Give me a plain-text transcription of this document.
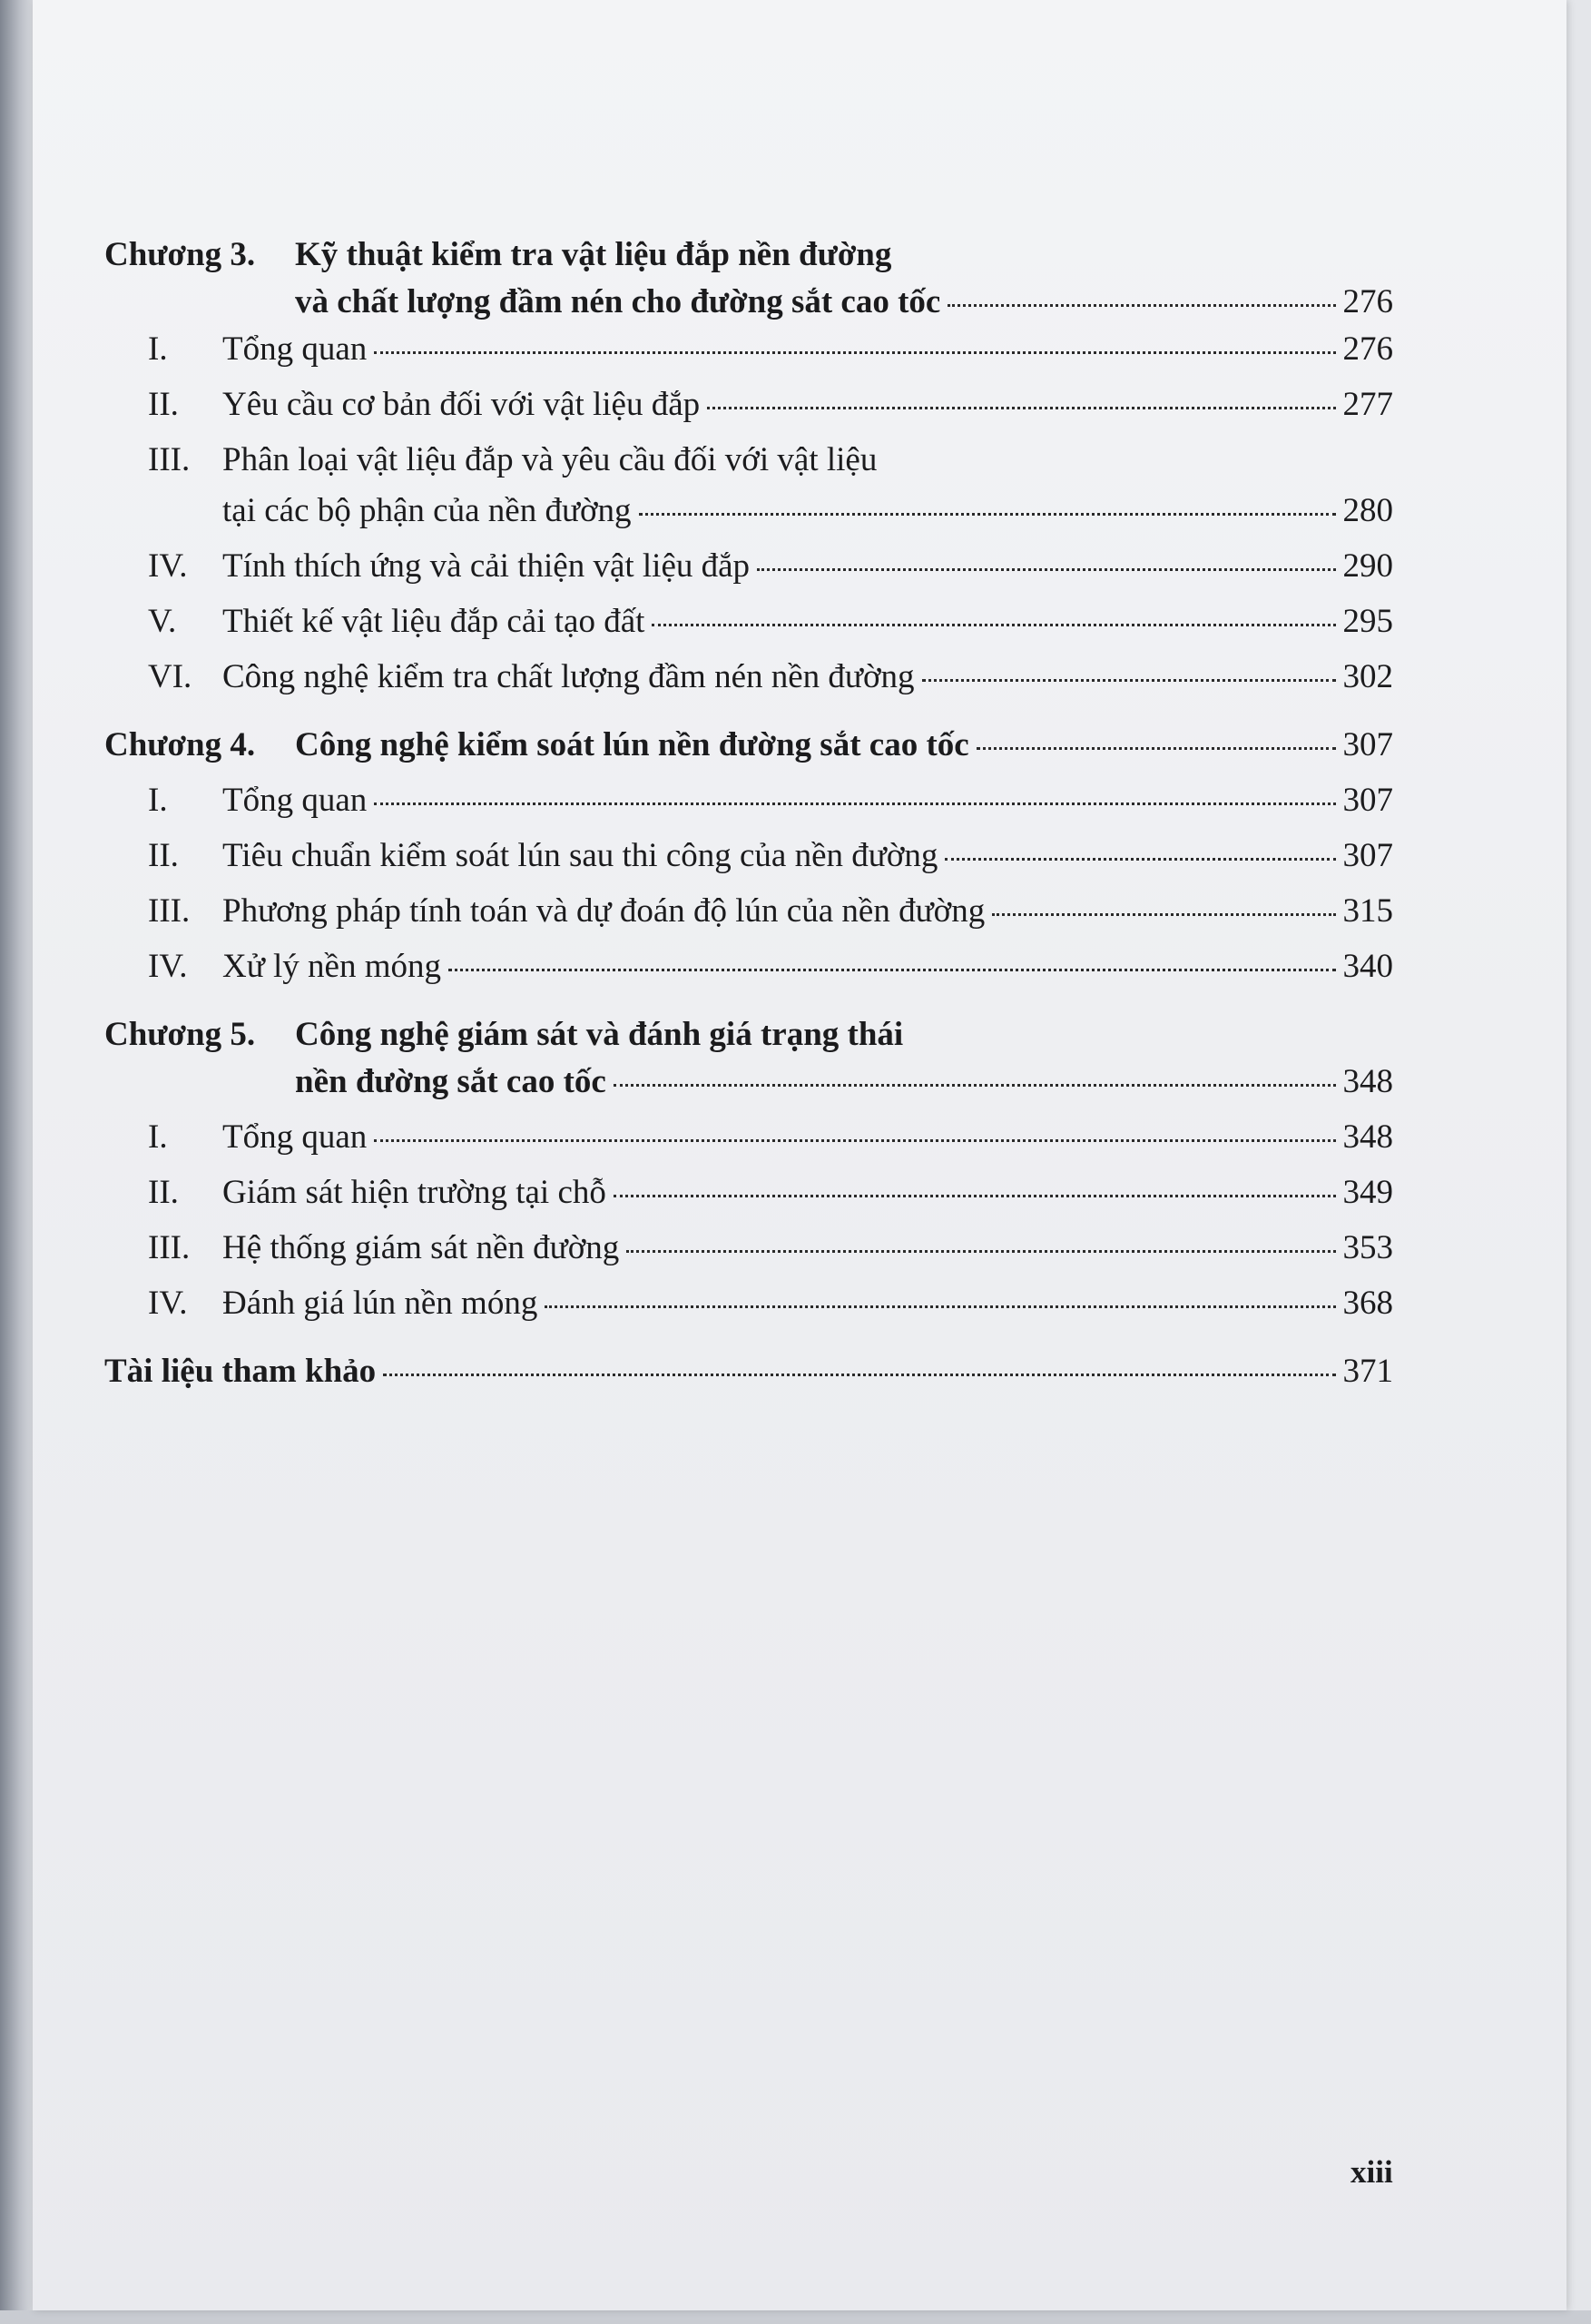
Chương 3.	Kỹ thuật kiểm tra vật liệu đắp nền đường
và chất lượng đầm nén cho đường sắt cao tốc	276
I.	Tổng quan	276
II.	Yêu cầu cơ bản đối với vật liệu đắp	277
III. Phân loại vật liệu đắp và yêu cầu đối với vật liệu
tại các bộ phận của nền đường	280
IV.	Tính thích ứng và cải thiện vật liệu đắp	290
V.	Thiết kế vật liệu đắp cải tạo đất	295
VI. Công nghệ kiểm tra chất lượng đầm nén nền đường	302
Chương 4.	Công nghệ kiểm soát lún nền đường sắt cao tốc	307
I.	Tổng quan	307
II.	Tiêu chuẩn kiểm soát lún sau thi công của nền đường	307
III. Phương pháp tính toán và dự đoán độ lún của nền đường	315
IV.	Xử lý nền móng	340
Chương 5.	Công nghệ giám sát và đánh giá trạng thái
nền đường sắt cao tốc	348
I.	Tổng quan	348
II.	Giám sát hiện trường tại chỗ	349
III. Hệ thống giám sát nền đường	353
IV.	Đánh giá lún nền móng	368
Tài liệu tham khảo	371
xiii
